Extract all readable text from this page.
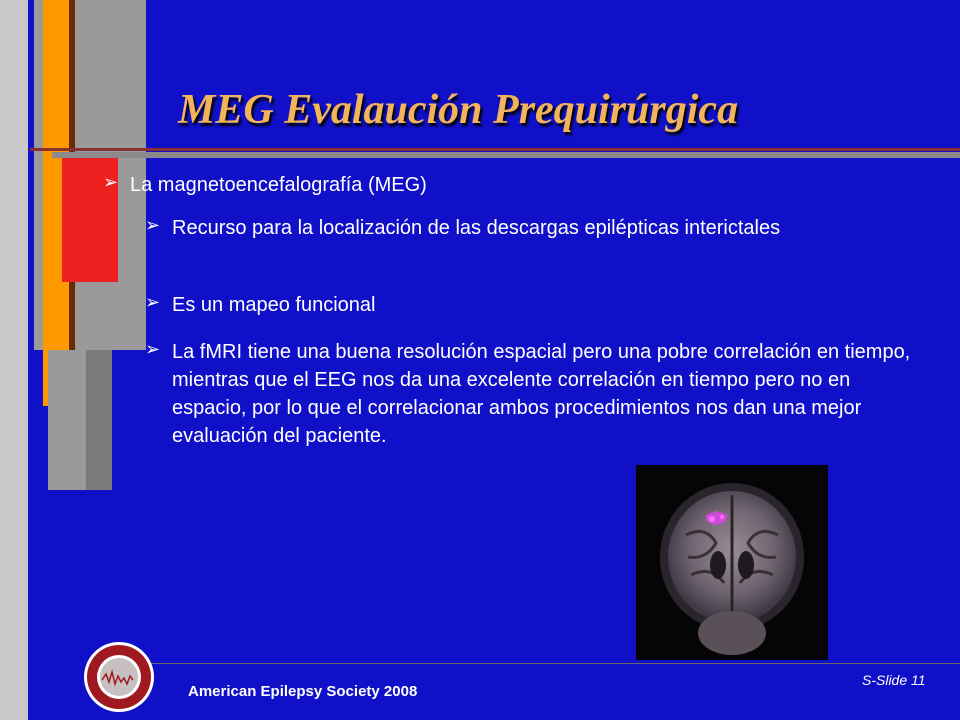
MEG Evalaución Prequirúrgica
➢ La magnetoencefalografía (MEG)
➢ Recurso para la localización de las descargas epilépticas interictales
➢ Es un mapeo funcional
➢ La fMRI tiene una buena resolución espacial pero una pobre correlación en tiempo, mientras que el EEG nos da una excelente correlación en tiempo pero no en espacio, por lo que el correlacionar ambos procedimientos nos dan una mejor evaluación del paciente.
American Epilepsy Society 2008
S-Slide 11
